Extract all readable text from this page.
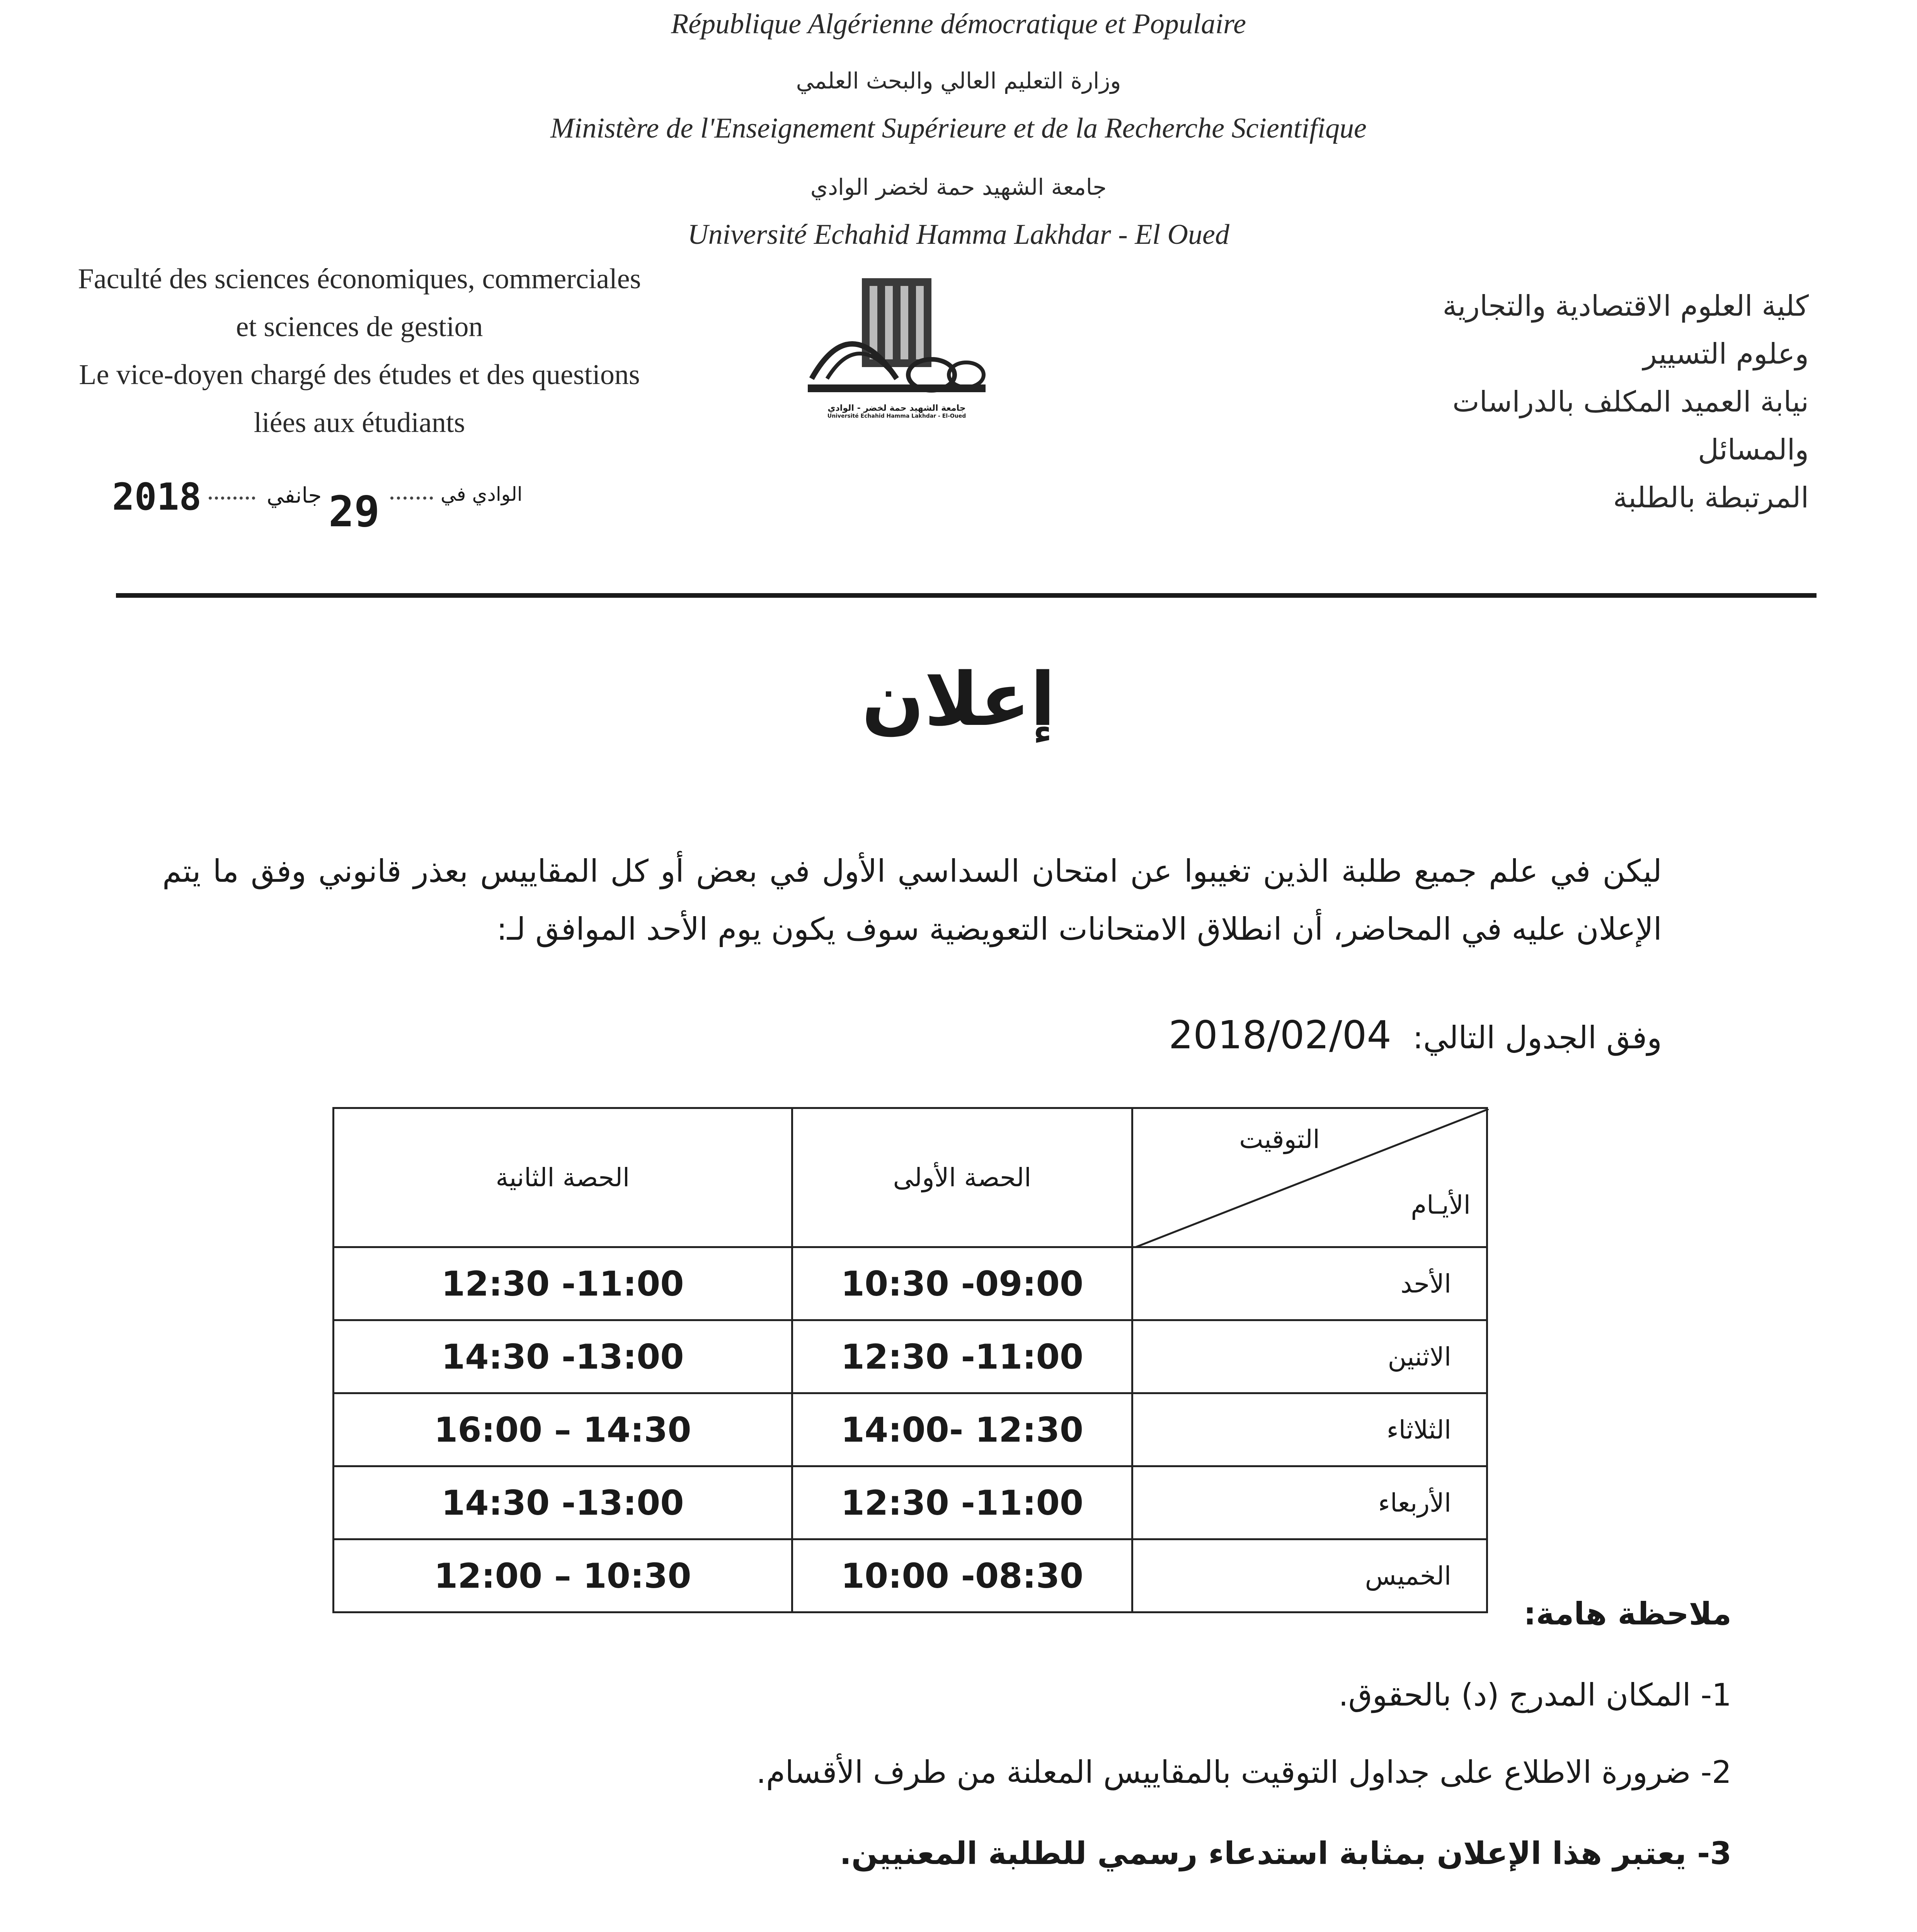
République Algérienne démocratique et Populaire
وزارة التعليم العالي والبحث العلمي
Ministère de l'Enseignement Supérieure et de la Recherche Scientifique
جامعة الشهيد حمة لخضر الوادي
Université Echahid Hamma Lakhdar - El Oued
Faculté des sciences économiques, commerciales
et sciences de gestion
Le vice-doyen chargé des études et des questions
liées aux étudiants
كلية العلوم الاقتصادية والتجارية
وعلوم التسيير
نيابة العميد المكلف بالدراسات والمسائل
المرتبطة بالطلبة
جامعة الشهيد حمة لخضر - الوادي
Université Echahid Hamma Lakhdar - El-Oued
2018	جانفي 29	الوادي في
إعلان
ليكن في علم جميع طلبة الذين تغيبوا عن امتحان السداسي الأول في بعض أو كل المقاييس بعذر قانوني وفق ما يتم الإعلان عليه في المحاضر، أن انطلاق الامتحانات التعويضية سوف يكون يوم الأحد الموافق لـ:
وفق الجدول التالي: 2018/02/04
الحصة الثانية	الحصة الأولى	التوقيت
الأيـام

12:30 -11:00	10:30 -09:00	الأحد
14:30 -13:00	12:30 -11:00	الاثنين
16:00 – 14:30	14:00- 12:30	الثلاثاء
14:30 -13:00	12:30 -11:00	الأربعاء
12:00 – 10:30	10:00 -08:30	الخميس
ملاحظة هامة:
1- المكان المدرج (د) بالحقوق.
2- ضرورة الاطلاع على جداول التوقيت بالمقاييس المعلنة من طرف الأقسام.
3- يعتبر هذا الإعلان بمثابة استدعاء رسمي للطلبة المعنيين.
